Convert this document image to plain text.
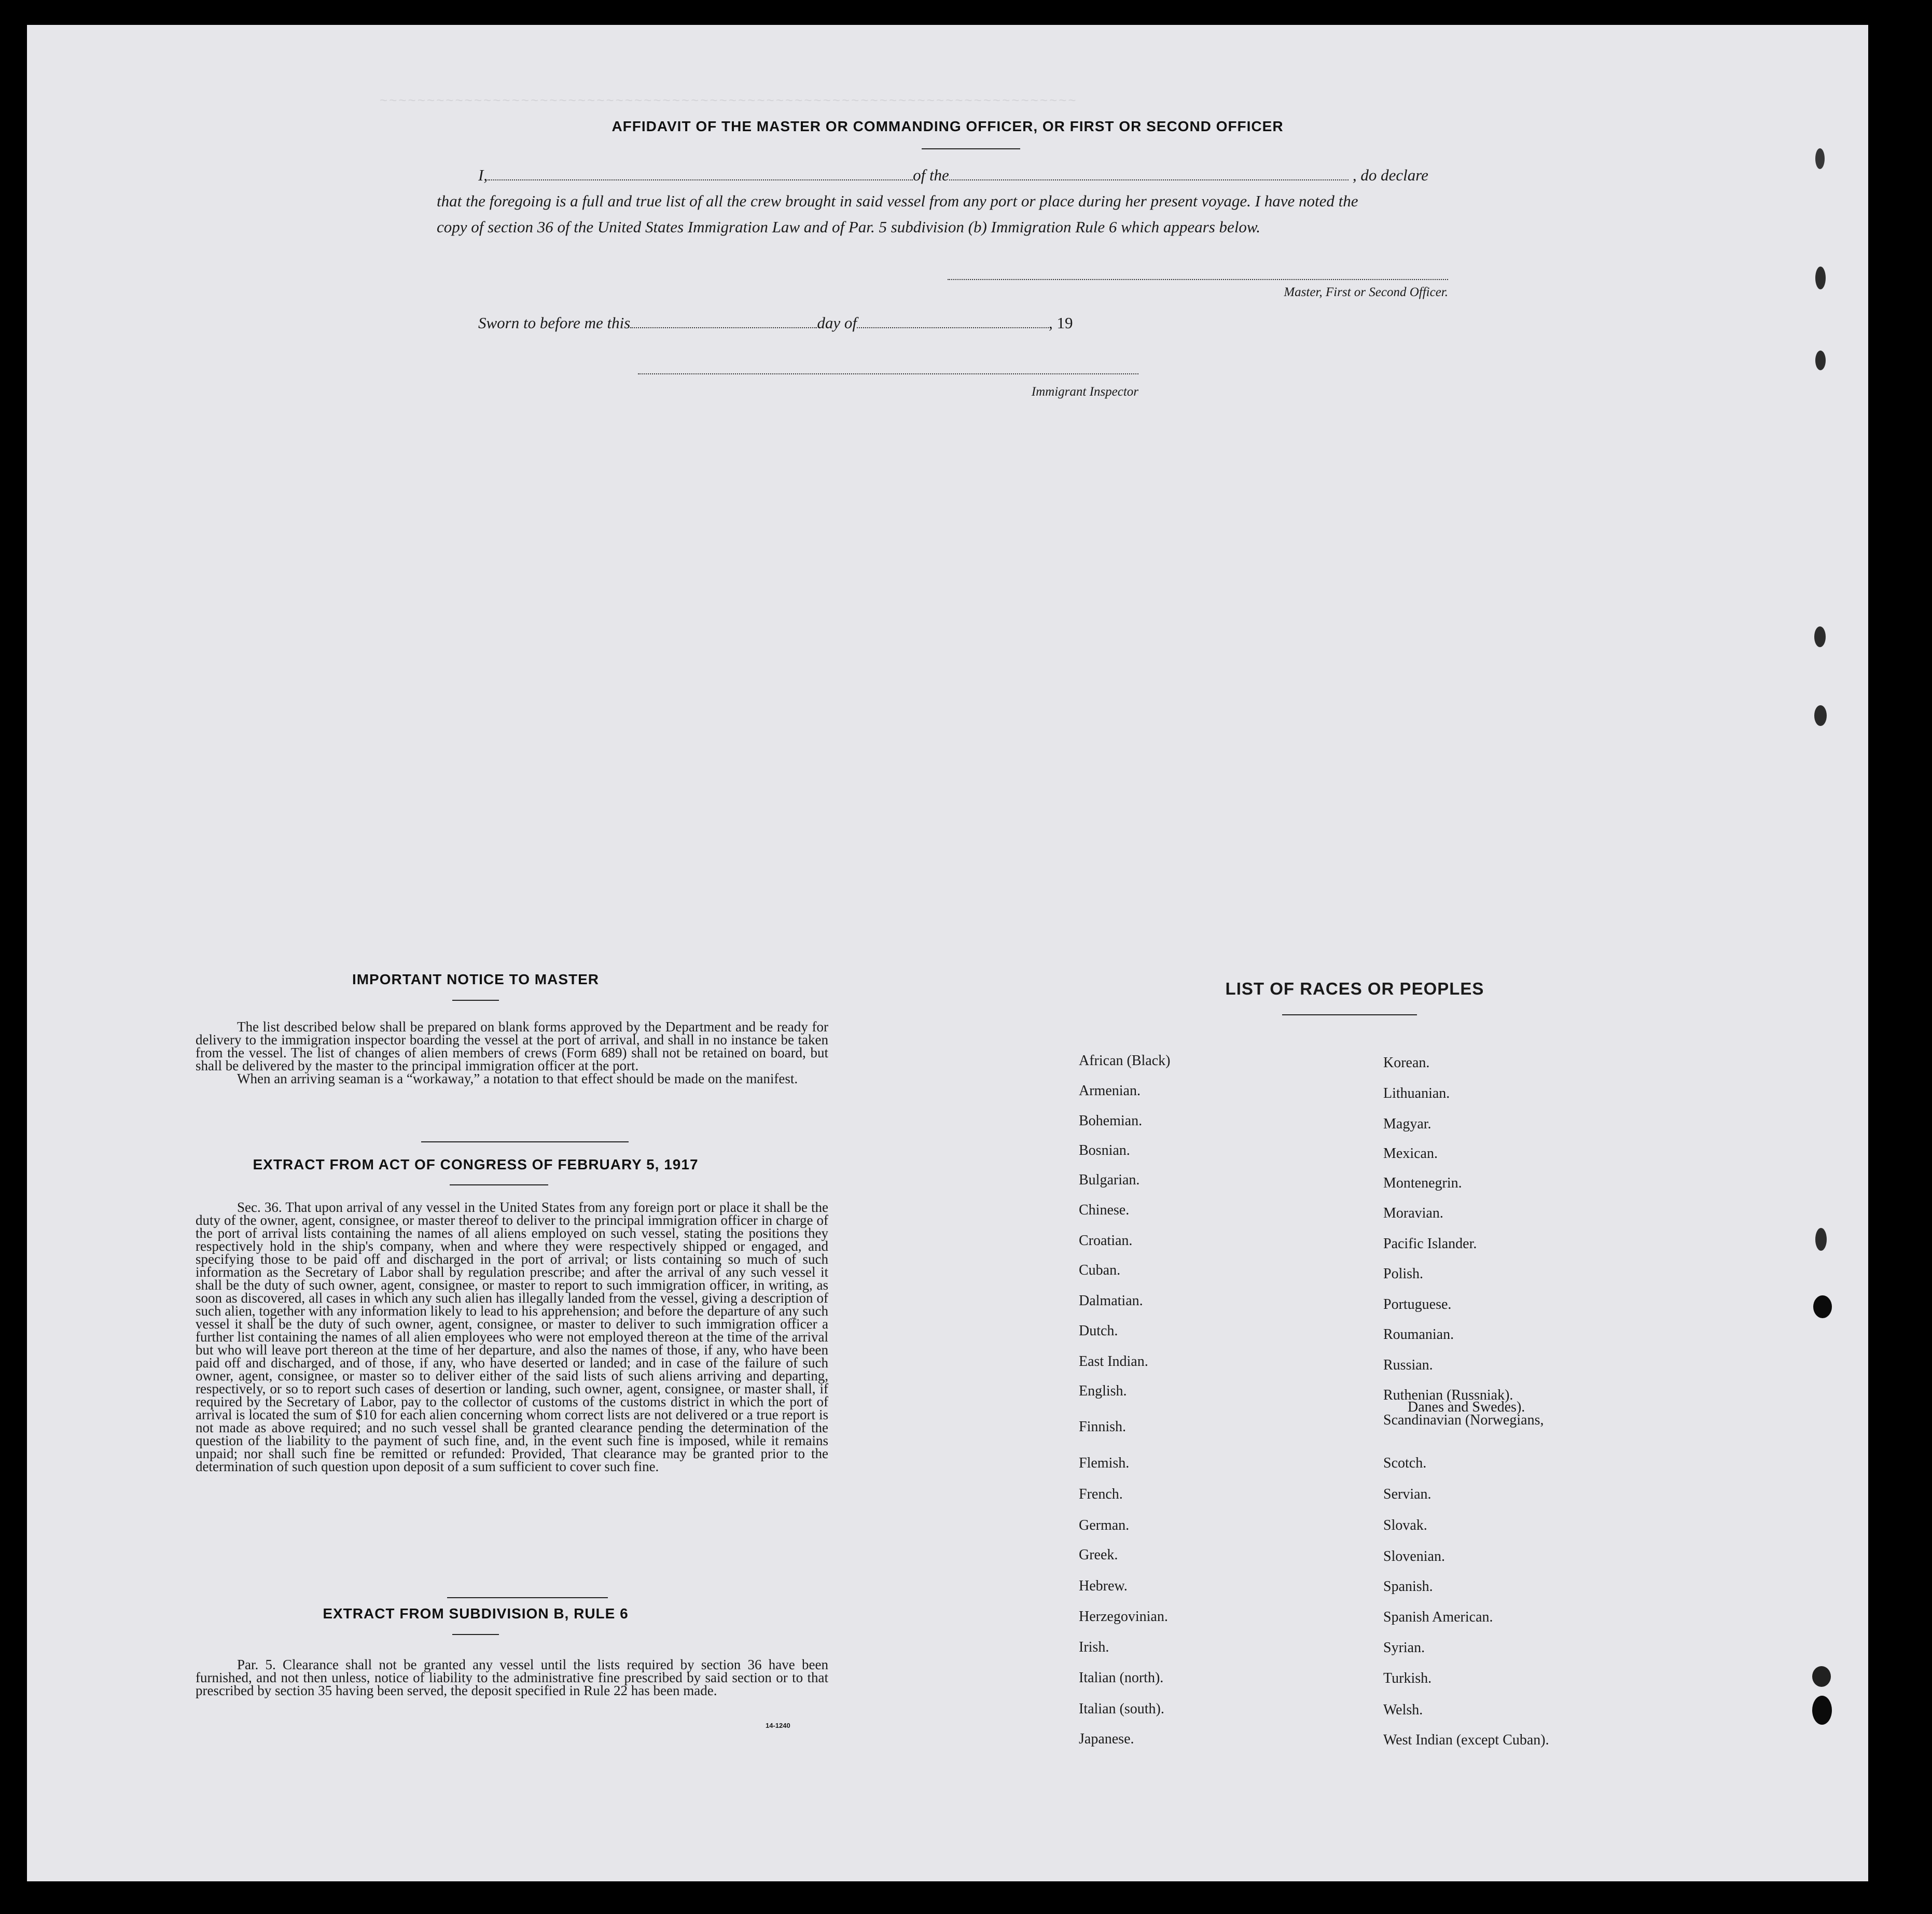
~~~~~~~~~~~~~~~~~~~~~~~~~~~~~~~~~~~~~~~~~~~~~~~~~~~~~~~~~~~~~~~~~~~~~~~~~~
AFFIDAVIT OF THE MASTER OR COMMANDING OFFICER, OR FIRST OR SECOND OFFICER
I,	of the	, do declare
that the foregoing is a full and true list of all the crew brought in said vessel from any port or place during her present voyage. I have noted the
copy of section 36 of the United States Immigration Law and of Par. 5 subdivision (b) Immigration Rule 6 which appears below.
Master, First or Second Officer.
Sworn to before me this	day of	, 19
Immigrant Inspector
IMPORTANT NOTICE TO MASTER

The list described below shall be prepared on blank forms approved by the Department and be ready for delivery to the immigration inspector boarding the vessel at the port of arrival, and shall in no instance be taken from the vessel. The list of changes of alien members of crews (Form 689) shall not be retained on board, but shall be delivered by the master to the principal immigration officer at the port.

When an arriving seaman is a “workaway,” a notation to that effect should be made on the manifest.

EXTRACT FROM ACT OF CONGRESS OF FEBRUARY 5, 1917

Sec. 36. That upon arrival of any vessel in the United States from any foreign port or place it shall be the duty of the owner, agent, consignee, or master thereof to deliver to the principal immigration officer in charge of the port of arrival lists containing the names of all aliens employed on such vessel, stating the positions they respectively hold in the ship's company, when and where they were respectively shipped or engaged, and specifying those to be paid off and discharged in the port of arrival; or lists containing so much of such information as the Secretary of Labor shall by regulation prescribe; and after the arrival of any such vessel it shall be the duty of such owner, agent, consignee, or master to report to such immigration officer, in writing, as soon as discovered, all cases in which any such alien has illegally landed from the vessel, giving a description of such alien, together with any information likely to lead to his apprehension; and before the departure of any such vessel it shall be the duty of such owner, agent, consignee, or master to deliver to such immigration officer a further list containing the names of all alien employees who were not employed thereon at the time of the arrival but who will leave port thereon at the time of her departure, and also the names of those, if any, who have been paid off and discharged, and of those, if any, who have deserted or landed; and in case of the failure of such owner, agent, consignee, or master so to deliver either of the said lists of such aliens arriving and departing, respectively, or so to report such cases of desertion or landing, such owner, agent, consignee, or master shall, if required by the Secretary of Labor, pay to the collector of customs of the customs district in which the port of arrival is located the sum of $10 for each alien concerning whom correct lists are not delivered or a true report is not made as above required; and no such vessel shall be granted clearance pending the determination of the question of the liability to the payment of such fine, and, in the event such fine is imposed, while it remains unpaid; nor shall such fine be remitted or refunded: Provided, That clearance may be granted prior to the determination of such question upon deposit of a sum sufficient to cover such fine.

EXTRACT FROM SUBDIVISION B, RULE 6

Par. 5. Clearance shall not be granted any vessel until the lists required by section 36 have been furnished, and not then unless, notice of liability to the administrative fine prescribed by said section or to that prescribed by section 35 having been served, the deposit specified in Rule 22 has been made.

14-1240
LIST OF RACES OR PEOPLES
African (Black)
Armenian.
Bohemian.
Bosnian.
Bulgarian.
Chinese.
Croatian.
Cuban.
Dalmatian.
Dutch.
East Indian.
English.
Finnish.
Flemish.
French.
German.
Greek.
Hebrew.
Herzegovinian.
Irish.
Italian (north).
Italian (south).
Japanese.
Korean.
Lithuanian.
Magyar.
Mexican.
Montenegrin.
Moravian.
Pacific Islander.
Polish.
Portuguese.
Roumanian.
Russian.
Ruthenian (Russniak).
Scandinavian (Norwegians,
Scotch.
Servian.
Slovak.
Slovenian.
Spanish.
Spanish American.
Syrian.
Turkish.
Welsh.
West Indian (except Cuban).
Danes and Swedes).
